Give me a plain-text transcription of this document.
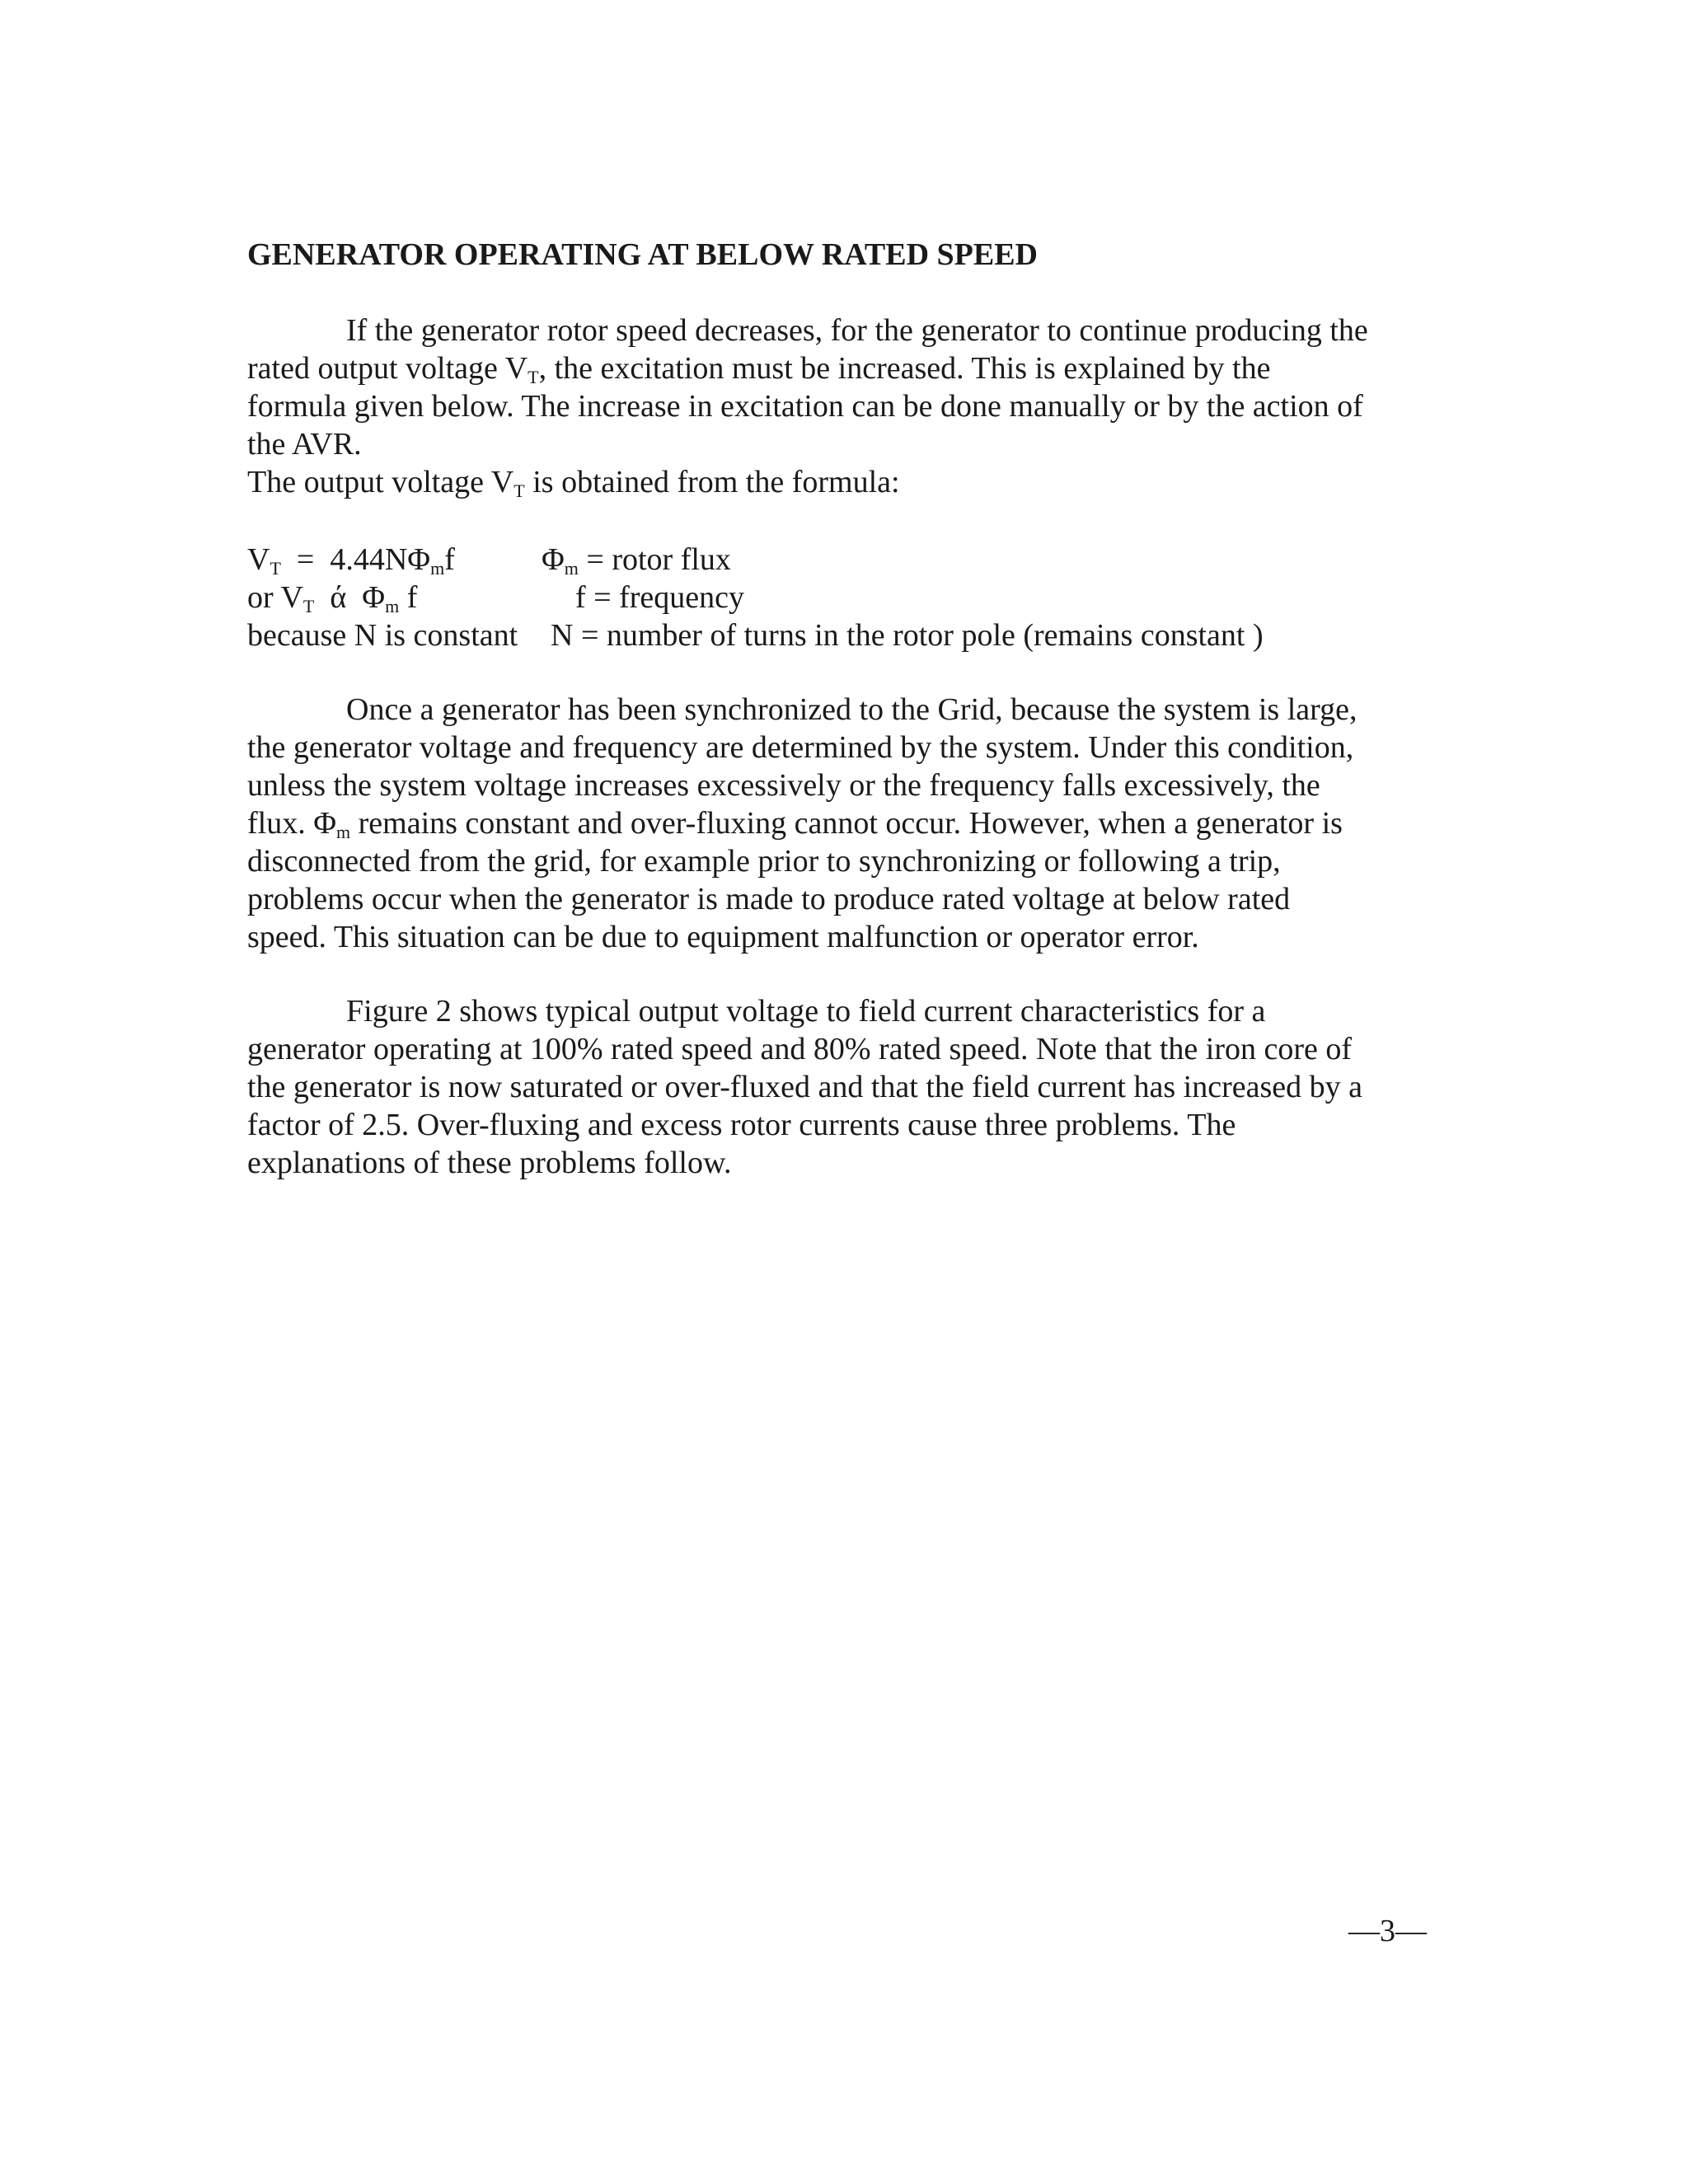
GENERATOR OPERATING AT BELOW RATED SPEED
If the generator rotor speed decreases, for the generator to continue producing the
rated output voltage $V_T$, the excitation must be increased. This is explained by the
formula given below. The increase in excitation can be done manually or by the action of
the AVR.
The output voltage $V_T$ is obtained from the formula:
$V_T = 4.44N\Phi_mf$	$\Phi_m$ = rotor flux
or $V_T$  ά  $\Phi_m$ f	f = frequency
because N is constant N = number of turns in the rotor pole (remains constant )
Once a generator has been synchronized to the Grid, because the system is large,
the generator voltage and frequency are determined by the system. Under this condition,
unless the system voltage increases excessively or the frequency falls excessively, the
flux. $\Phi_m$ remains constant and over-fluxing cannot occur. However, when a generator is
disconnected from the grid, for example prior to synchronizing or following a trip,
problems occur when the generator is made to produce rated voltage at below rated
speed. This situation can be due to equipment malfunction or operator error.
Figure 2 shows typical output voltage to field current characteristics for a
generator operating at 100% rated speed and 80% rated speed. Note that the iron core of
the generator is now saturated or over-fluxed and that the field current has increased by a
factor of 2.5. Over-fluxing and excess rotor currents cause three problems. The
explanations of these problems follow.
—3—
